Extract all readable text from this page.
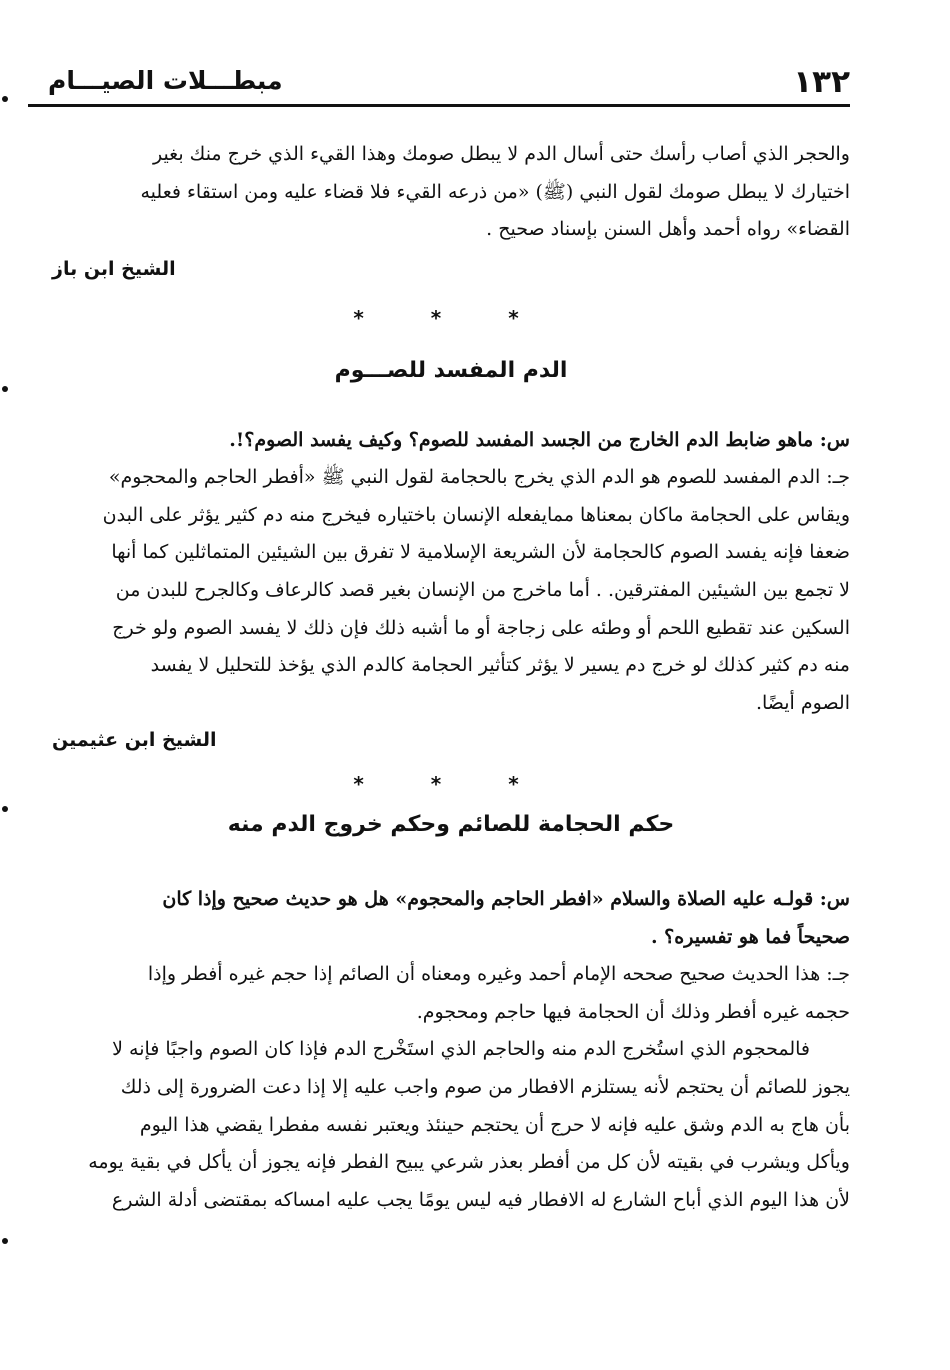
١٣٢
مبطـــلات الصيـــام

والحجر الذي أصاب رأسك حتى أسال الدم لا يبطل صومك وهذا القيء الذي خرج منك بغير

اختيارك لا يبطل صومك لقول النبي (ﷺ) «من ذرعه القيء فلا قضاء عليه ومن استقاء فعليه

القضاء» رواه أحمد وأهل السنن بإسناد صحيح .

الشيخ ابن باز

* * *

الدم المفسد للصـــوم

س: ماهو ضابط الدم الخارج من الجسد المفسد للصوم؟ وكيف يفسد الصوم؟!.

جـ: الدم المفسد للصوم هو الدم الذي يخرج بالحجامة لقول النبي ﷺ «أفطر الحاجم والمحجوم»

ويقاس على الحجامة ماكان بمعناها ممايفعله الإنسان باختياره فيخرج منه دم كثير يؤثر على البدن

ضعفا فإنه يفسد الصوم كالحجامة لأن الشريعة الإسلامية لا تفرق بين الشيئين المتماثلين كما أنها

لا تجمع بين الشيئين المفترقين. . أما ماخرج من الإنسان بغير قصد كالرعاف وكالجرح للبدن من

السكين عند تقطيع اللحم أو وطئه على زجاجة أو ما أشبه ذلك فإن ذلك لا يفسد الصوم ولو خرج

منه دم كثير كذلك لو خرج دم يسير لا يؤثر كتأثير الحجامة كالدم الذي يؤخذ للتحليل لا يفسد

الصوم أيضًا.

الشيخ ابن عثيمين

* * *

حكم الحجامة للصائم وحكم خروج الدم منه

س: قولـه عليه الصلاة والسلام «افطر الحاجم والمحجوم» هل هو حديث صحيح وإذا كان

صحيحاً فما هو تفسيره؟ .

جـ: هذا الحديث صحيح صححه الإمام أحمد وغيره ومعناه أن الصائم إذا حجم غيره أفطر وإذا

حجمه غيره أفطر وذلك أن الحجامة فيها حاجم ومحجوم.

فالمحجوم الذي استُخرج الدم منه والحاجم الذي استَخْرج الدم فإذا كان الصوم واجبًا فإنه لا

يجوز للصائم أن يحتجم لأنه يستلزم الافطار من صوم واجب عليه إلا إذا دعت الضرورة إلى ذلك

بأن هاج به الدم وشق عليه فإنه لا حرج أن يحتجم حينئذ ويعتبر نفسه مفطرا يقضي هذا اليوم

ويأكل ويشرب في بقيته لأن كل من أفطر بعذر شرعي يبيح الفطر فإنه يجوز أن يأكل في بقية يومه

لأن هذا اليوم الذي أباح الشارع له الافطار فيه ليس يومًا يجب عليه امساكه بمقتضى أدلة الشرع
